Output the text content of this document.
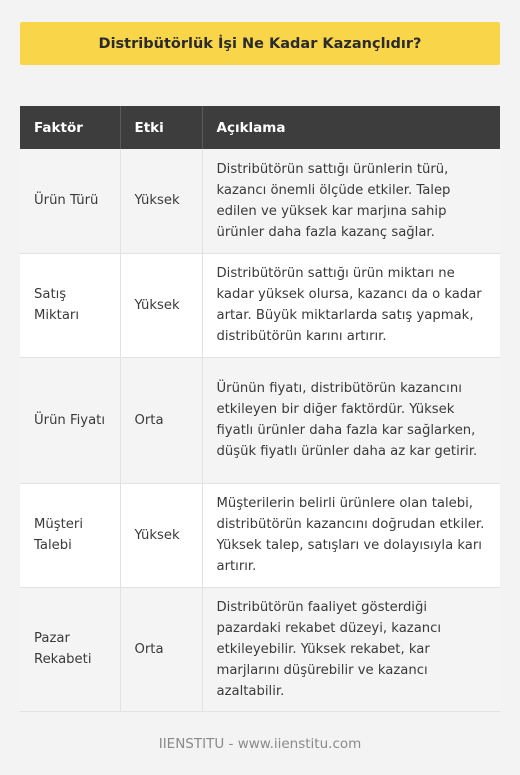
Distribütörlük İşi Ne Kadar Kazançlıdır?
Faktör	Etki	Açıklama
Ürün Türü	Yüksek	Distribütörün sattığı ürünlerin türü, kazancı önemli ölçüde etkiler. Talep edilen ve yüksek kar marjına sahip ürünler daha fazla kazanç sağlar.
Satış Miktarı	Yüksek	Distribütörün sattığı ürün miktarı ne kadar yüksek olursa, kazancı da o kadar artar. Büyük miktarlarda satış yapmak, distribütörün karını artırır.
Ürün Fiyatı	Orta	Ürünün fiyatı, distribütörün kazancını etkileyen bir diğer faktördür. Yüksek fiyatlı ürünler daha fazla kar sağlarken, düşük fiyatlı ürünler daha az kar getirir.
Müşteri Talebi	Yüksek	Müşterilerin belirli ürünlere olan talebi, distribütörün kazancını doğrudan etkiler. Yüksek talep, satışları ve dolayısıyla karı artırır.
Pazar Rekabeti	Orta	Distribütörün faaliyet gösterdiği pazardaki rekabet düzeyi, kazancı etkileyebilir. Yüksek rekabet, kar marjlarını düşürebilir ve kazancı azaltabilir.
IIENSTITU - www.iienstitu.com
